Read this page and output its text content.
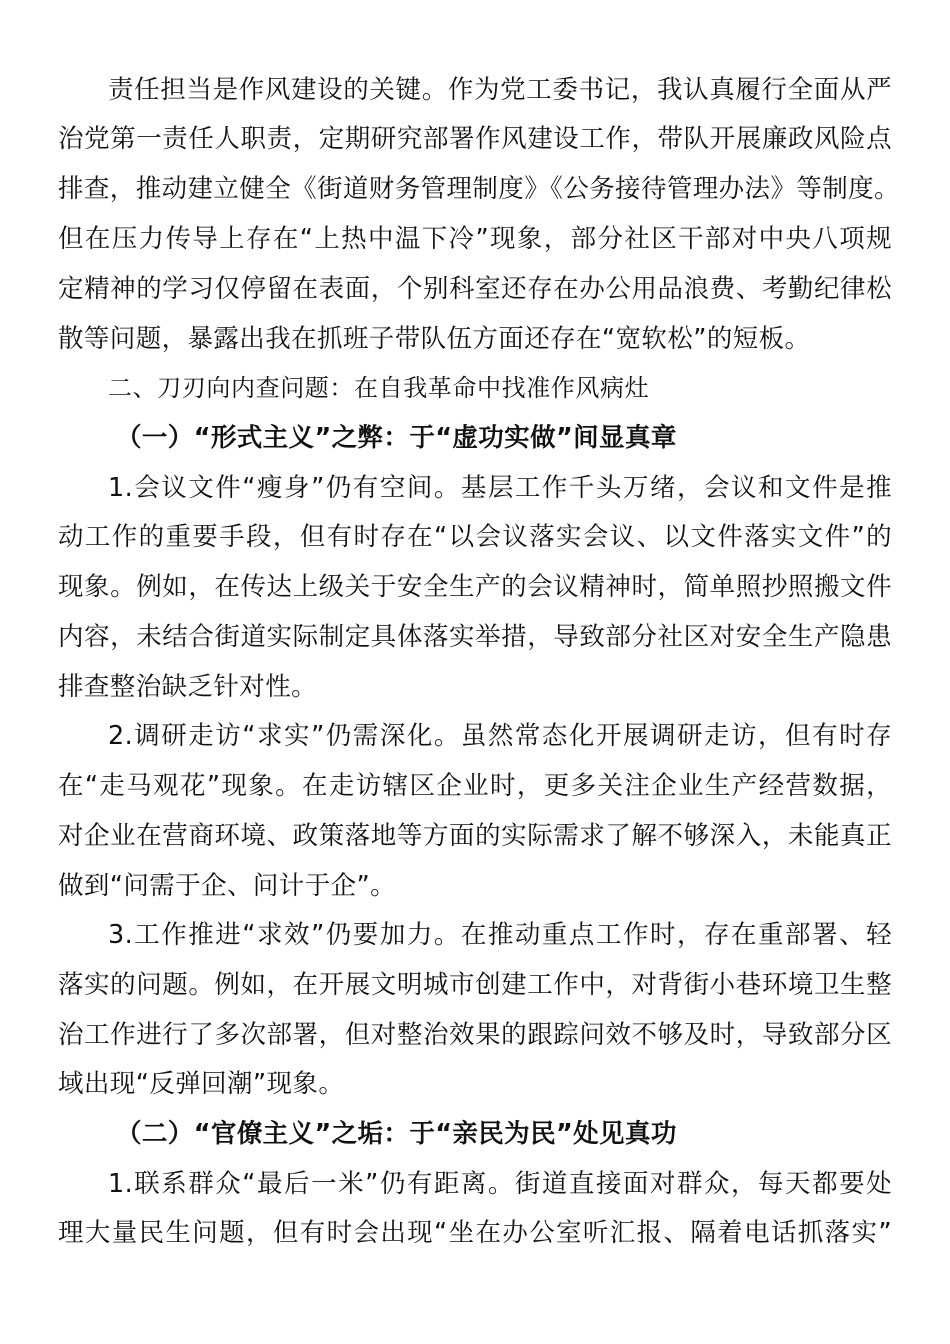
责任担当是作风建设的关键。作为党工委书记，我认真履行全面从严
治党第一责任人职责，定期研究部署作风建设工作，带队开展廉政风险点
排查，推动建立健全《街道财务管理制度》《公务接待管理办法》等制度。
但在压力传导上存在“上热中温下冷”现象，部分社区干部对中央八项规
定精神的学习仅停留在表面，个别科室还存在办公用品浪费、考勤纪律松
散等问题，暴露出我在抓班子带队伍方面还存在“宽软松”的短板。
二、刀刃向内查问题：在自我革命中找准作风病灶
（一）“形式主义”之弊：于“虚功实做”间显真章
1.会议文件“瘦身”仍有空间。基层工作千头万绪，会议和文件是推
动工作的重要手段，但有时存在“以会议落实会议、以文件落实文件”的
现象。例如，在传达上级关于安全生产的会议精神时，简单照抄照搬文件
内容，未结合街道实际制定具体落实举措，导致部分社区对安全生产隐患
排查整治缺乏针对性。
2.调研走访“求实”仍需深化。虽然常态化开展调研走访，但有时存
在“走马观花”现象。在走访辖区企业时，更多关注企业生产经营数据，
对企业在营商环境、政策落地等方面的实际需求了解不够深入，未能真正
做到“问需于企、问计于企”。
3.工作推进“求效”仍要加力。在推动重点工作时，存在重部署、轻
落实的问题。例如，在开展文明城市创建工作中，对背街小巷环境卫生整
治工作进行了多次部署，但对整治效果的跟踪问效不够及时，导致部分区
域出现“反弹回潮”现象。
（二）“官僚主义”之垢：于“亲民为民”处见真功
1.联系群众“最后一米”仍有距离。街道直接面对群众，每天都要处
理大量民生问题，但有时会出现“坐在办公室听汇报、隔着电话抓落实”
